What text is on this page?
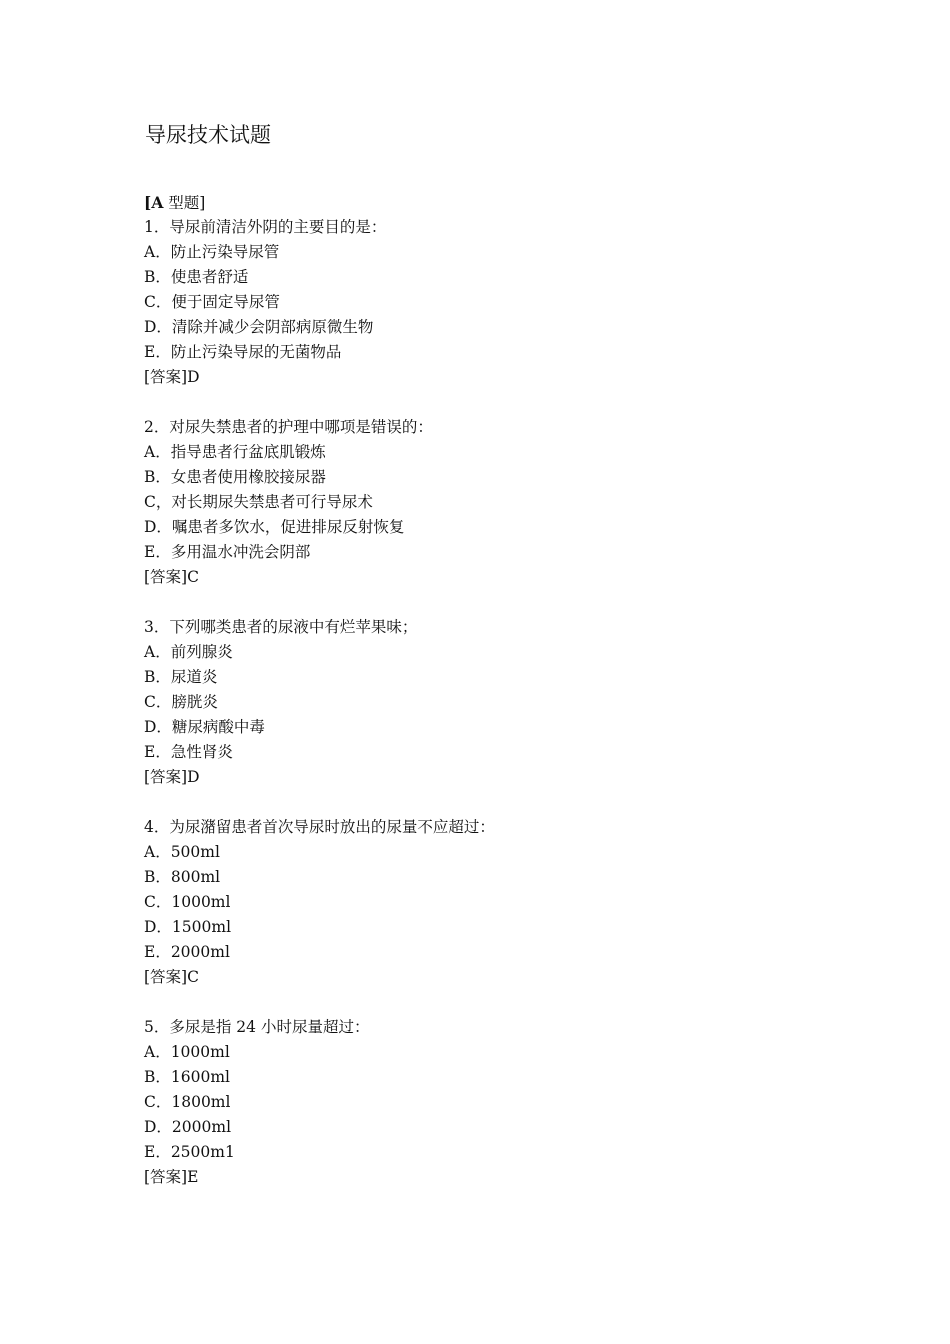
导尿技术试题
[A 型题]
1．导尿前清洁外阴的主要目的是：
A．防止污染导尿管
B．使患者舒适
C．便于固定导尿管
D．清除并减少会阴部病原微生物
E．防止污染导尿的无菌物品
[答案]D
2．对尿失禁患者的护理中哪项是错误的：
A．指导患者行盆底肌锻炼
B．女患者使用橡胶接尿器
C，对长期尿失禁患者可行导尿术
D．嘱患者多饮水，促进排尿反射恢复
E．多用温水冲洗会阴部
[答案]C
3．下列哪类患者的尿液中有烂苹果味；
A．前列腺炎
B．尿道炎
C．膀胱炎
D．糖尿病酸中毒
E．急性肾炎
[答案]D
4．为尿潴留患者首次导尿时放出的尿量不应超过：
A．500ml
B．800ml
C．1000ml
D．1500ml
E．2000ml
[答案]C
5．多尿是指 24 小时尿量超过：
A．1000ml
B．1600ml
C．1800ml
D．2000ml
E．2500m1
[答案]E
